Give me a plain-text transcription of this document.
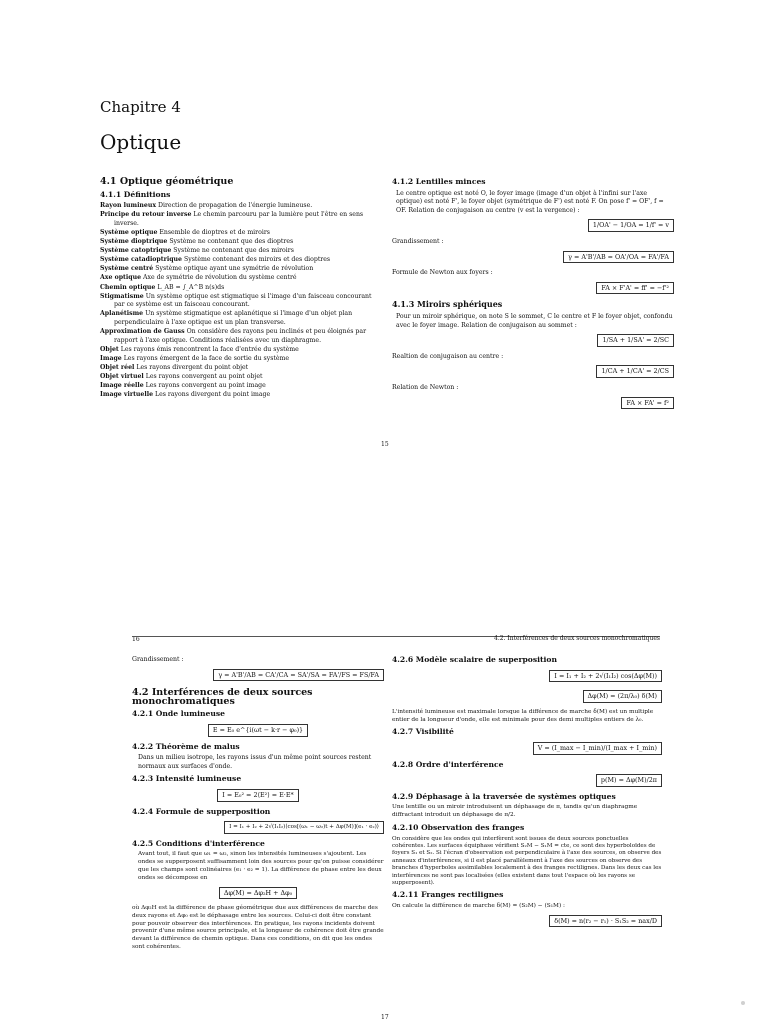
Chapitre 4
Optique
4.1 Optique géométrique
4.1.1 Définitions
Rayon lumineux Direction de propagation de l'énergie lumineuse.
Principe du retour inverse Le chemin parcouru par la lumière peut l'être en sens inverse.
Système optique Ensemble de dioptres et de miroirs
Système dioptrique Système ne contenant que des dioptres
Système catoptrique Système ne contenant que des miroirs
Système catadioptrique Système contenant des miroirs et des dioptres
Système centré Système optique ayant une symétrie de révolution
Axe optique Axe de symétrie de révolution du système centré
Chemin optique L_AB = ∫_A^B n(s)ds
Stigmatisme Un système optique est stigmatique si l'image d'un faisceau concourant par ce système est un faisceau concourant.
Aplanétisme Un système stigmatique est aplanétique si l'image d'un objet plan perpendiculaire à l'axe optique est un plan transverse.
Approximation de Gauss On considère des rayons peu inclinés et peu éloignés par rapport à l'axe optique. Conditions réalisées avec un diaphragme.
Objet Les rayons émis rencontrent la face d'entrée du système
Image Les rayons émergent de la face de sortie du système
Objet réel Les rayons divergent du point objet
Objet virtuel Les rayons convergent au point objet
Image réelle Les rayons convergent au point image
Image virtuelle Les rayons divergent du point image
4.1.2 Lentilles minces
Le centre optique est noté O, le foyer image (image d'un objet à l'infini sur l'axe optique) est noté F', le foyer objet (symétrique de F') est noté F. On pose f' = OF', f = OF. Relation de conjugaison au centre (v est la vergence) :
1/OA' − 1/OA = 1/f' = v
Grandissement :
γ = A'B'/AB = OA'/OA = FA'/FA
Formule de Newton aux foyers :
FA × F'A' = ff' = −f'²
4.1.3 Miroirs sphériques
Pour un miroir sphérique, on note S le sommet, C le centre et F le foyer objet, confondu avec le foyer image. Relation de conjugaison au sommet :
1/SA + 1/SA' = 2/SC
Realtion de conjugaison au centre :
1/CA + 1/CA' = 2/CS
Relation de Newton :
FA × FA' = f²
15
16	4.2. Interférences de deux sources monochromatiques
Grandissement :
γ = A'B'/AB = CA'/CA = SA'/SA = FA'/FS = FS/FA
4.2 Interférences de deux sources monochromatiques
4.2.1 Onde lumineuse
E = E₀ e^{i(ωt − k·r − φ₀)}
4.2.2 Théorème de malus
Dans un milieu isotrope, les rayons issus d'un même point sources restent normaux aux surfaces d'onde.
4.2.3 Intensité lumineuse
I = E₀² = 2⟨E²⟩ = E·E*
4.2.4 Formule de supperposition
I = I₁ + I₂ + 2√(I₁I₂)⟨cos[(ω₁ − ω₂)t + Δφ(M)](e₁ · e₂)⟩
4.2.5 Conditions d'interférence
Avant tout, il faut que ω₁ = ω₂, sinon les intensités lumineuses s'ajoutent. Les ondes se supperposent suffisamment loin des sources pour qu'on puisse considérer que les champs sont colinéaires (e₁ · e₂ = 1). La différence de phase entre les deux ondes se décompose en
Δφ(M) = Δφ₂H + Δφ₀
où Δφ₂H est la différence de phase géométrique due aux différences de marche des deux rayons et Δφ₀ est le déphasage entre les sources. Celui-ci doit être constant pour pouvoir observer des interférences. En pratique, les rayons incidents doivent provenir d'une même source principale, et la longueur de cohérence doit être grande devant la différence de chemin optique. Dans ces conditions, on dit que les ondes sont cohérentes.
4.2.6 Modèle scalaire de superposition
I = I₁ + I₂ + 2√(I₁I₂) cos(Δφ(M))
Δφ(M) = (2π/λ₀) δ(M)
L'intensité lumineuse est maximale lorsque la différence de marche δ(M) est un multiple entier de la longueur d'onde, elle est minimale pour des demi multiples entiers de λ₀.
4.2.7 Visibilité
V = (I_max − I_min)/(I_max + I_min)
4.2.8 Ordre d'interférence
p(M) = Δφ(M)/2π
4.2.9 Déphasage à la traversée de systèmes optiques
Une lentille ou un miroir introduisent un déphasage de π, tandis qu'un diaphragme diffractant introduit un déphasage de π/2.
4.2.10 Observation des franges
On considère que les ondes qui interfèrent sont issues de deux sources ponctuelles cohérentes. Les surfaces équiphase vérifient S₂M − S₁M = cte, ce sont des hyperboloïdes de foyers S₁ et S₂. Si l'écran d'observation est perpendiculaire à l'axe des sources, on observe des anneaux d'interférences, si il est placé parallèlement à l'axe des sources on observe des branches d'hyperboles assimilables localement à des franges rectilignes. Dans les deux cas les interférences ne sont pas localisées (elles existent dans tout l'espace où les rayons se supperposent).
4.2.11 Franges rectilignes
On calcule la différence de marche δ(M) = (S₂M) − (S₁M) :
δ(M) = n(r₂ − r₁) · S₁S₂ = nax/D
17
